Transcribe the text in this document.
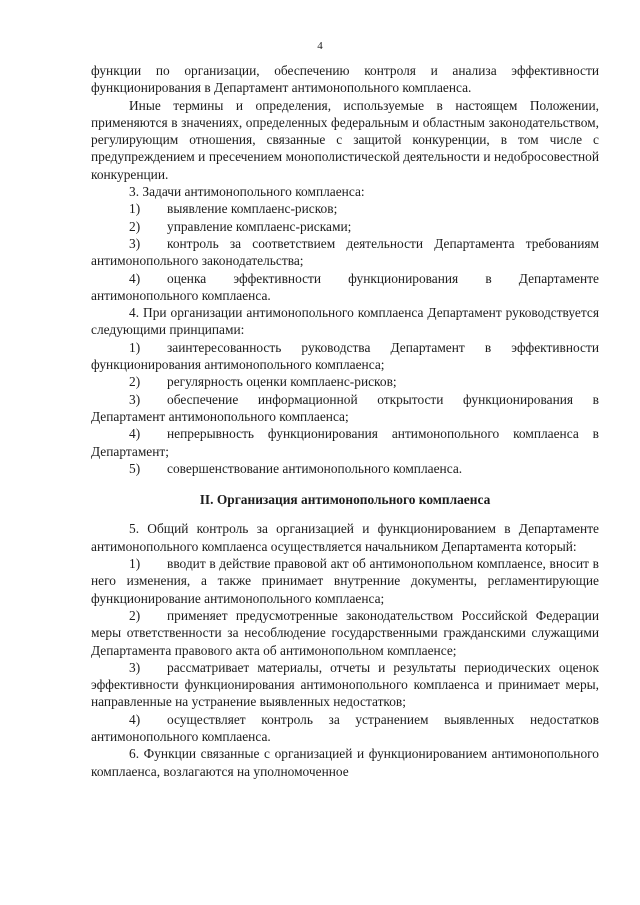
4

функции по организации, обеспечению контроля и анализа эффективности функционирования в Департамент антимонопольного комплаенса.

Иные термины и определения, используемые в настоящем Положении, применяются в значениях, определенных федеральным и областным законодательством, регулирующим отношения, связанные с защитой конкуренции, в том числе с предупреждением и пресечением монополистической деятельности и недобросовестной конкуренции.

3. Задачи антимонопольного комплаенса:

1) выявление комплаенс-рисков;

2) управление комплаенс-рисками;

3) контроль за соответствием деятельности Департамента требованиям антимонопольного законодательства;

4) оценка эффективности функционирования в Департаменте антимонопольного комплаенса.

4. При организации антимонопольного комплаенса Департамент руководствуется следующими принципами:

1) заинтересованность руководства Департамент в эффективности функционирования антимонопольного комплаенса;

2) регулярность оценки комплаенс-рисков;

3) обеспечение информационной открытости функционирования в Департамент антимонопольного комплаенса;

4) непрерывность функционирования антимонопольного комплаенса в Департамент;

5) совершенствование антимонопольного комплаенса.

II. Организация антимонопольного комплаенса

5. Общий контроль за организацией и функционированием в Департаменте антимонопольного комплаенса осуществляется начальником Департамента который:

1) вводит в действие правовой акт об антимонопольном комплаенсе, вносит в него изменения, а также принимает внутренние документы, регламентирующие функционирование антимонопольного комплаенса;

2) применяет предусмотренные законодательством Российской Федерации меры ответственности за несоблюдение государственными гражданскими служащими Департамента правового акта об антимонопольном комплаенсе;

3) рассматривает материалы, отчеты и результаты периодических оценок эффективности функционирования антимонопольного комплаенса и принимает меры, направленные на устранение выявленных недостатков;

4) осуществляет контроль за устранением выявленных недостатков антимонопольного комплаенса.

6. Функции связанные с организацией и функционированием антимонопольного комплаенса, возлагаются на уполномоченное
